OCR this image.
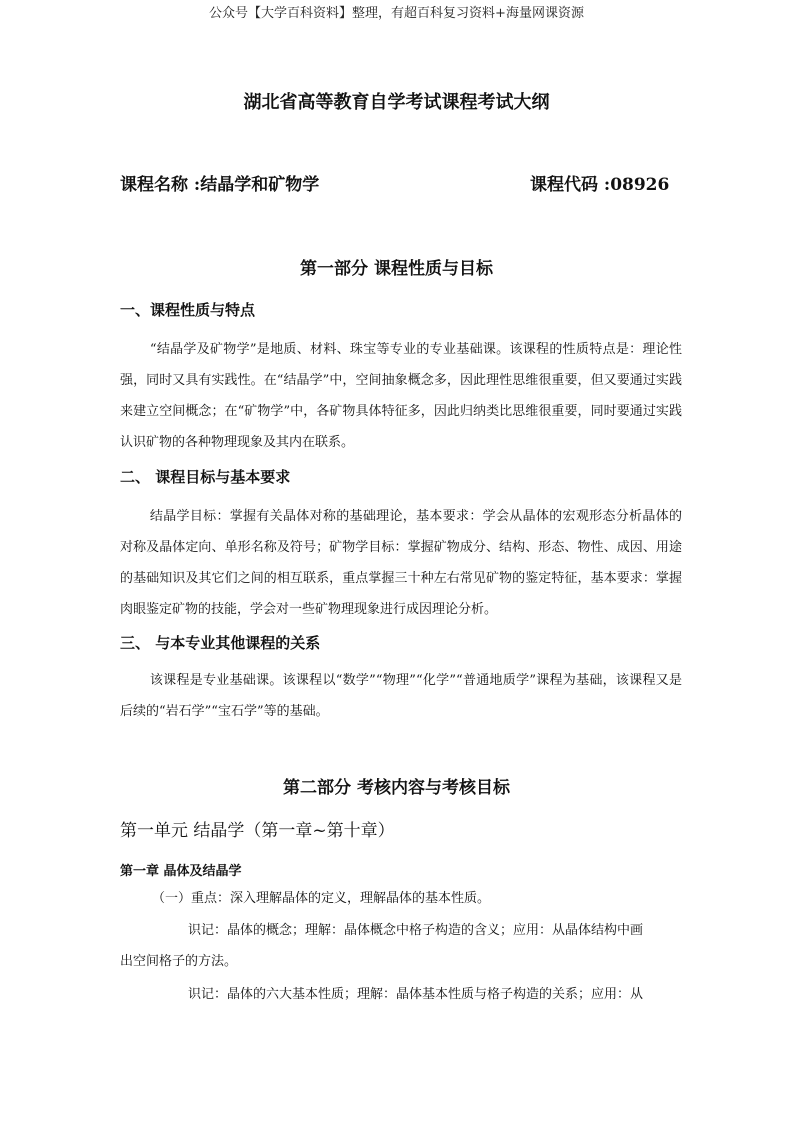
公众号【大学百科资料】整理，有超百科复习资料+海量网课资源
湖北省高等教育自学考试课程考试大纲
课程名称 :结晶学和矿物学	课程代码 :08926
第一部分 课程性质与目标
一、课程性质与特点

“结晶学及矿物学”是地质、材料、珠宝等专业的专业基础课。该课程的性质特点是：理论性强，同时又具有实践性。在“结晶学”中，空间抽象概念多，因此理性思维很重要，但又要通过实践来建立空间概念；在“矿物学”中，各矿物具体特征多，因此归纳类比思维很重要，同时要通过实践认识矿物的各种物理现象及其内在联系。

二、 课程目标与基本要求

结晶学目标：掌握有关晶体对称的基础理论，基本要求：学会从晶体的宏观形态分析晶体的对称及晶体定向、单形名称及符号；矿物学目标：掌握矿物成分、结构、形态、物性、成因、用途的基础知识及其它们之间的相互联系，重点掌握三十种左右常见矿物的鉴定特征，基本要求：掌握肉眼鉴定矿物的技能，学会对一些矿物理现象进行成因理论分析。

三、 与本专业其他课程的关系

该课程是专业基础课。该课程以“数学”“物理”“化学”“普通地质学”课程为基础，该课程又是后续的“岩石学”“宝石学”等的基础。

第二部分 考核内容与考核目标
第一单元 结晶学（第一章~第十章）
第一章 晶体及结晶学
（一）重点：深入理解晶体的定义，理解晶体的基本性质。
识记：晶体的概念；理解：晶体概念中格子构造的含义；应用：从晶体结构中画
出空间格子的方法。
识记：晶体的六大基本性质；理解：晶体基本性质与格子构造的关系；应用：从
